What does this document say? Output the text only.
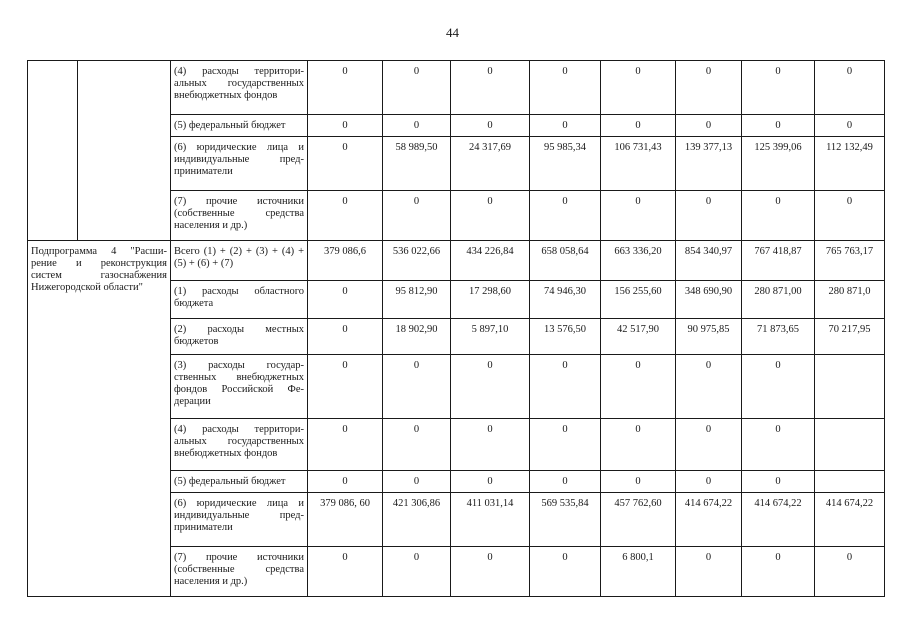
44
		(4) расходы территори-альных государственных внебюджетных фондов	0	0	0	0	0	0	0	0
		(5) федеральный бюджет	0	0	0	0	0	0	0	0
		(6) юридические лица и индивидуальные пред-приниматели	0	58 989,50	24 317,69	95 985,34	106 731,43	139 377,13	125 399,06	112 132,49
		(7) прочие источники (собственные средства населения и др.)	0	0	0	0	0	0	0	0
Подпрограмма 4 "Расши-рение и реконструкция систем газоснабжения Нижегородской области"		Всего (1) + (2) + (3) + (4) + (5) + (6) + (7)	379 086,6	536 022,66	434 226,84	658 058,64	663 336,20	854 340,97	767 418,87	765 763,17
		(1) расходы областного бюджета	0	95 812,90	17 298,60	74 946,30	156 255,60	348 690,90	280 871,00	280 871,0
		(2) расходы местных бюджетов	0	18 902,90	5 897,10	13 576,50	42 517,90	90 975,85	71 873,65	70 217,95
		(3) расходы государ-ственных внебюджетных фондов Российской Фе-дерации	0	0	0	0	0	0	0	
		(4) расходы территори-альных государственных внебюджетных фондов	0	0	0	0	0	0	0	
		(5) федеральный бюджет	0	0	0	0	0	0	0	
		(6) юридические лица и индивидуальные пред-приниматели	379 086, 60	421 306,86	411 031,14	569 535,84	457 762,60	414 674,22	414 674,22	414 674,22
		(7) прочие источники (собственные средства населения и др.)	0	0	0	0	6 800,1	0	0	0
